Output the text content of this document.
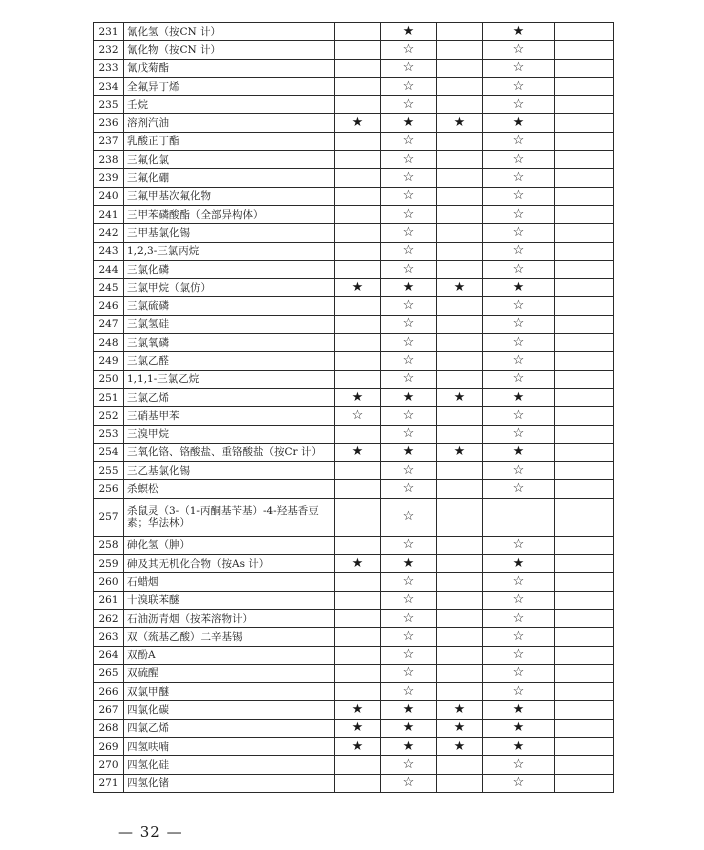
231	氰化氢（按CN 计）		★		★	
232	氰化物（按CN 计）		☆		☆	
233	氰戊菊酯		☆		☆	
234	全氟异丁烯		☆		☆	
235	壬烷		☆		☆	
236	溶剂汽油	★	★	★	★	
237	乳酸正丁酯		☆		☆	
238	三氟化氯		☆		☆	
239	三氟化硼		☆		☆	
240	三氟甲基次氟化物		☆		☆	
241	三甲苯磷酸酯（全部异构体）		☆		☆	
242	三甲基氯化锡		☆		☆	
243	1,2,3-三氯丙烷		☆		☆	
244	三氯化磷		☆		☆	
245	三氯甲烷（氯仿）	★	★	★	★	
246	三氯硫磷		☆		☆	
247	三氯氢硅		☆		☆	
248	三氯氧磷		☆		☆	
249	三氯乙醛		☆		☆	
250	1,1,1-三氯乙烷		☆		☆	
251	三氯乙烯	★	★	★	★	
252	三硝基甲苯	☆	☆		☆	
253	三溴甲烷		☆		☆	
254	三氧化铬、铬酸盐、重铬酸盐（按Cr 计）	★	★	★	★	
255	三乙基氯化锡		☆		☆	
256	杀螟松		☆		☆	
257	杀鼠灵（3-（1-丙酮基苄基）-4-羟基香豆素；华法林）		☆			
258	砷化氢（胂）		☆		☆	
259	砷及其无机化合物（按As 计）	★	★		★	
260	石蜡烟		☆		☆	
261	十溴联苯醚		☆		☆	
262	石油沥青烟（按苯溶物计）		☆		☆	
263	双（巯基乙酸）二辛基锡		☆		☆	
264	双酚A		☆		☆	
265	双硫醒		☆		☆	
266	双氯甲醚		☆		☆	
267	四氯化碳	★	★	★	★	
268	四氯乙烯	★	★	★	★	
269	四氢呋喃	★	★	★	★	
270	四氢化硅		☆		☆	
271	四氢化锗		☆		☆	
— 32 —
